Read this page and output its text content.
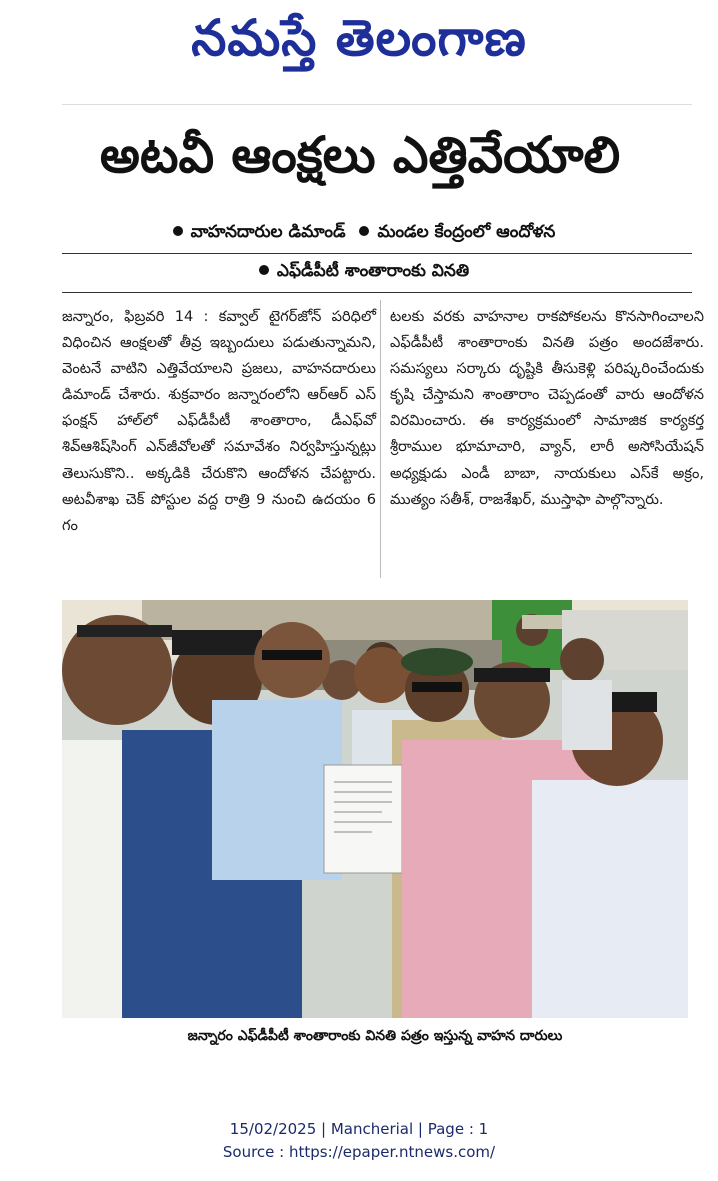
నమస్తే తెలంగాణ
అటవీ ఆంక్షలు ఎత్తివేయాలి
వాహనదారుల డిమాండ్ మండల కేంద్రంలో ఆందోళన
ఎఫ్‌డీపీటీ శాంతారాంకు వినతి
జన్నారం, ఫిబ్రవరి 14 : కవ్వాల్ టైగర్‌జోన్ పరిధిలో విధించిన ఆంక్షలతో తీవ్ర ఇబ్బందులు పడుతున్నామని, వెంటనే వాటిని ఎత్తివేయాలని ప్రజలు, వాహనదారులు డిమాండ్ చేశారు. శుక్రవారం జన్నారంలోని ఆర్‌ఆర్ ఎస్ ఫంక్షన్ హాల్‌లో ఎఫ్‌డీపీటీ శాంతారాం, డీఎఫ్‌వో శివ్‌ఆశిష్‌సింగ్ ఎన్‌జీవోలతో సమావేశం నిర్వహిస్తున్నట్లు తెలుసుకొని.. అక్కడికి చేరుకొని ఆందోళన చేపట్టారు. అటవీశాఖ చెక్ పోస్టుల వద్ద రాత్రి 9 నుంచి ఉదయం 6 గం
టలకు వరకు వాహనాల రాకపోకలను కొనసాగించాలని ఎఫ్‌డీపీటీ శాంతారాంకు వినతి పత్రం అందజేశారు. సమస్యలు సర్కారు దృష్టికి తీసుకెళ్లి పరిష్కరించేందుకు కృషి చేస్తామని శాంతారాం చెప్పడంతో వారు ఆందోళన విరమించారు. ఈ కార్యక్రమంలో సామాజిక కార్యకర్త శ్రీరాముల భూమాచారి, వ్యాన్, లారీ అసోసియేషన్ అధ్యక్షుడు ఎండీ బాబా, నాయకులు ఎస్‌కే అక్రం, ముత్యం సతీశ్, రాజశేఖర్, ముస్తాఫా పాల్గొన్నారు.
జన్నారం ఎఫ్‌డీపీటీ శాంతారాంకు వినతి పత్రం ఇస్తున్న వాహన దారులు
15/02/2025 | Mancherial | Page : 1
Source : https://epaper.ntnews.com/
